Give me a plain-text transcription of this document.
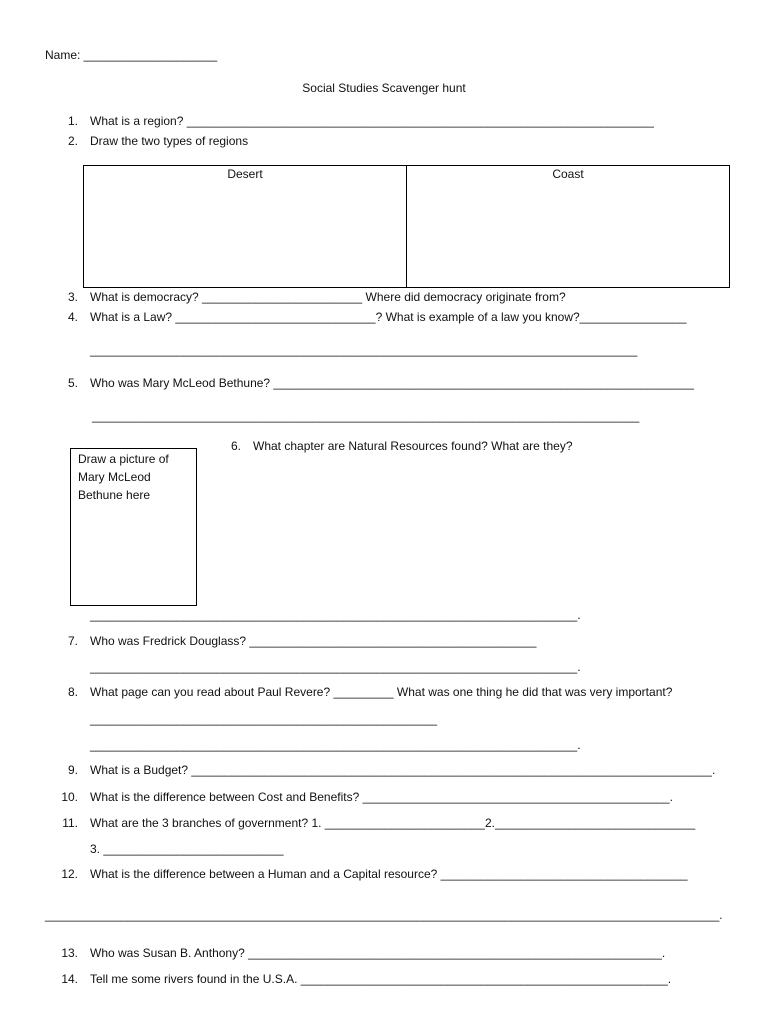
Name: ____________________
Social Studies Scavenger hunt
1. What is a region? ______________________________________________________________________
2. Draw the two types of regions
Desert	Coast
3. What is democracy? ________________________ Where did democracy originate from?
4. What is a Law? ______________________________? What is example of a law you know?________________
__________________________________________________________________________________
5. Who was Mary McLeod Bethune? _______________________________________________________________
__________________________________________________________________________________
Draw a picture of Mary McLeod Bethune here
6. What chapter are Natural Resources found? What are they?
_________________________________________________________________________.
7. Who was Fredrick Douglass? ___________________________________________
_________________________________________________________________________.
8. What page can you read about Paul Revere? _________ What was one thing he did that was very important?
____________________________________________________
_________________________________________________________________________.
9. What is a Budget? ______________________________________________________________________________.
10. What is the difference between Cost and Benefits? ______________________________________________.
11. What are the 3 branches of government? 1. ________________________2.______________________________
3. ___________________________
12. What is the difference between a Human and a Capital resource? _____________________________________
___________________________________________________________________________________________________________.
13. Who was Susan B. Anthony? ______________________________________________________________.
14. Tell me some rivers found in the U.S.A. _______________________________________________________.
